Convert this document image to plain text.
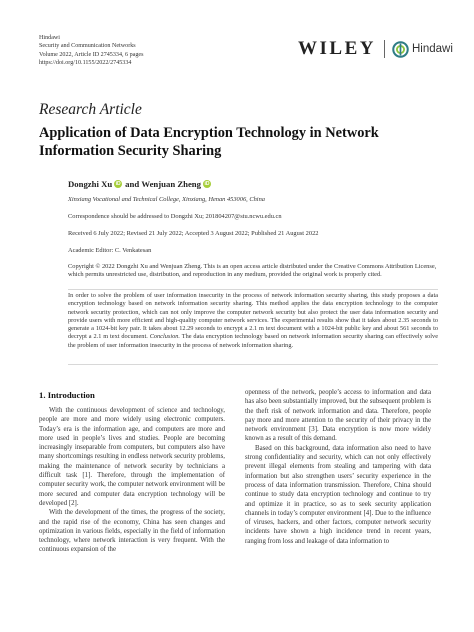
Hindawi
Security and Communication Networks
Volume 2022, Article ID 2745334, 6 pages
https://doi.org/10.1155/2022/2745334
WILEY	Hindawi
Research Article
Application of Data Encryption Technology in Network Information Security Sharing
Dongzhi Xu iD and
Wenjuan Zheng iD
Xinxiang Vocational and Technical College, Xinxiang, Henan 453006, China
Correspondence should be addressed to Dongzhi Xu; 201804207@stu.ncwu.edu.cn
Received 6 July 2022; Revised 21 July 2022; Accepted 3 August 2022; Published 21 August 2022
Academic Editor: C. Venkatesan
Copyright © 2022 Dongzhi Xu and Wenjuan Zheng. This is an open access article distributed under the Creative Commons Attribution License, which permits unrestricted use, distribution, and reproduction in any medium, provided the original work is properly cited.
In order to solve the problem of user information insecurity in the process of network information security sharing, this study proposes a data encryption technology based on network information security sharing. This method applies the data encryption technology to the computer network security protection, which can not only improve the computer network security but also protect the user data information security and provide users with more efficient and high-quality computer network services. The experimental results show that it takes about 2.35 seconds to generate a 1024-bit key pair. It takes about 12.29 seconds to encrypt a 2.1 m text document with a 1024-bit public key and about 561 seconds to decrypt a 2.1 m text document. Conclusion. The data encryption technology based on network information security sharing can effectively solve the problem of user information insecurity in the process of network information sharing.
1. Introduction

With the continuous development of science and technology, people are more and more widely using electronic computers. Today’s era is the information age, and computers are more and more used in people’s lives and studies. People are becoming increasingly inseparable from computers, but computers also have many shortcomings resulting in endless network security problems, making the maintenance of network security by technicians a difficult task [1]. Therefore, through the implementation of computer security work, the computer network environment will be more secured and computer data encryption technology will be developed [2].

With the development of the times, the progress of the society, and the rapid rise of the economy, China has seen changes and optimization in various fields, especially in the field of information technology, where network interaction is very frequent. With the continuous expansion of the

openness of the network, people’s access to information and data has also been substantially improved, but the subsequent problem is the theft risk of network information and data. Therefore, people pay more and more attention to the security of their privacy in the network environment [3]. Data encryption is now more widely known as a result of this demand.

Based on this background, data information also need to have strong confidentiality and security, which can not only effectively prevent illegal elements from stealing and tampering with data information but also strengthen users’ security experience in the process of data information transmission. Therefore, China should continue to study data encryption technology and continue to try and optimize it in practice, so as to seek security application channels in today’s computer environment [4]. Due to the influence of viruses, hackers, and other factors, computer network security incidents have shown a high incidence trend in recent years, ranging from loss and leakage of data information to
